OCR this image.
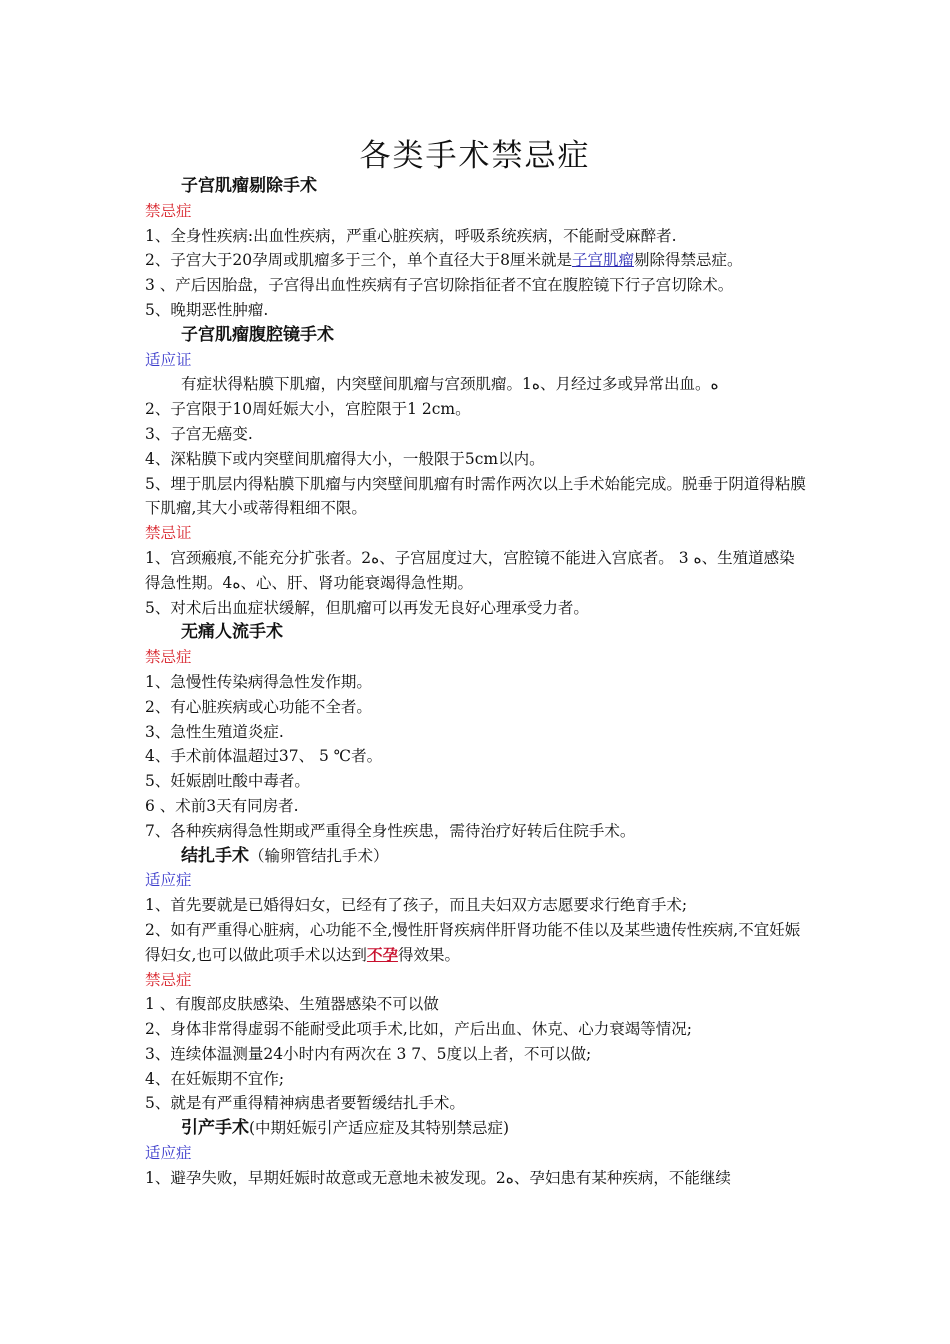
各类手术禁忌症

子宫肌瘤剔除手术

禁忌症

1、全身性疾病:出血性疾病，严重心脏疾病，呼吸系统疾病，不能耐受麻醉者.

2、子宫大于20孕周或肌瘤多于三个，单个直径大于8厘米就是子宫肌瘤剔除得禁忌症。

3 、产后因胎盘，子宫得出血性疾病有子宫切除指征者不宜在腹腔镜下行子宫切除术。

5、晚期恶性肿瘤.

子宫肌瘤腹腔镜手术

适应证

有症状得粘膜下肌瘤，内突壁间肌瘤与宫颈肌瘤。1ه、月经过多或异常出血。ه

2、子宫限于10周妊娠大小，宫腔限于1 2cm。

3、子宫无癌变.

4、深粘膜下或内突壁间肌瘤得大小，一般限于5cm以内。

5、埋于肌层内得粘膜下肌瘤与内突壁间肌瘤有时需作两次以上手术始能完成。脱垂于阴道得粘膜下肌瘤,其大小或蒂得粗细不限。

禁忌证

1、宫颈瘢痕,不能充分扩张者。2ه、子宫屈度过大，宫腔镜不能进入宫底者。 3 ه、生殖道感染得急性期。4ه、心、肝、肾功能衰竭得急性期。

5、对术后出血症状缓解，但肌瘤可以再发无良好心理承受力者。

无痛人流手术

禁忌症

1、急慢性传染病得急性发作期。

2、有心脏疾病或心功能不全者。

3、急性生殖道炎症.

4、手术前体温超过37、 5 ℃者。

5、妊娠剧吐酸中毒者。

6 、术前3天有同房者.

7、各种疾病得急性期或严重得全身性疾患，需待治疗好转后住院手术。

结扎手术（输卵管结扎手术）

适应症

1、首先要就是已婚得妇女，已经有了孩子，而且夫妇双方志愿要求行绝育手术;

2、如有严重得心脏病，心功能不全,慢性肝肾疾病伴肝肾功能不佳以及某些遗传性疾病,不宜妊娠得妇女,也可以做此项手术以达到不孕得效果。

禁忌症

1 、有腹部皮肤感染、生殖器感染不可以做

2、身体非常得虚弱不能耐受此项手术,比如，产后出血、休克、心力衰竭等情况;

3、连续体温测量24小时内有两次在 3 7、5度以上者，不可以做;

4、在妊娠期不宜作;

5、就是有严重得精神病患者要暂缓结扎手术。

引产手术(中期妊娠引产适应症及其特别禁忌症)

适应症

1、避孕失败，早期妊娠时故意或无意地未被发现。2ه、孕妇患有某种疾病，不能继续
